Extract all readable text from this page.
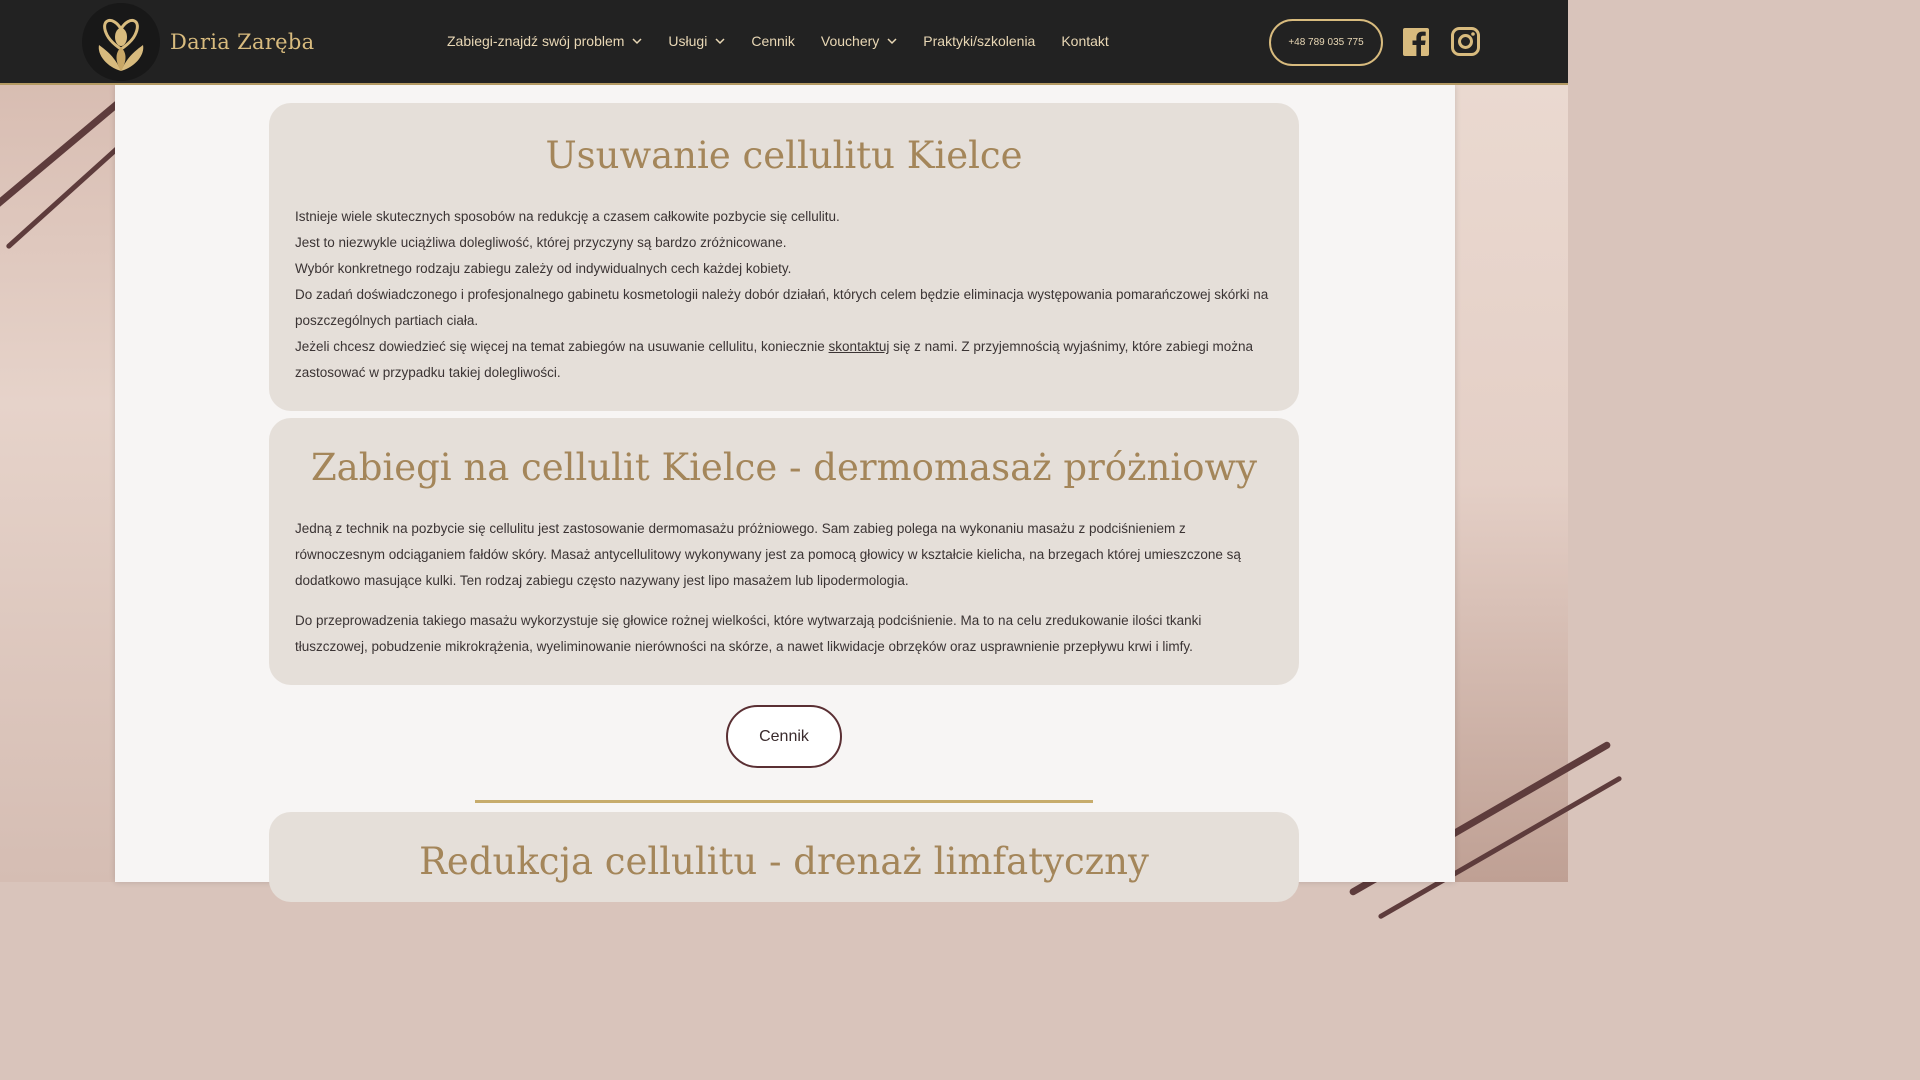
Daria Zaręba	Zabiegi-znajdź swój problem	Usługi	Cennik Vouchery	Praktyki/szkolenia Kontakt	+48 789 035 775
Usuwanie cellulitu Kielce

Istnieje wiele skutecznych sposobów na redukcję a czasem całkowite pozbycie się cellulitu.

Jest to niezwykle uciążliwa dolegliwość, której przyczyny są bardzo zróżnicowane.

Wybór konkretnego rodzaju zabiegu zależy od indywidualnych cech każdej kobiety.

Do zadań doświadczonego i profesjonalnego gabinetu kosmetologii należy dobór działań, których celem będzie eliminacja występowania pomarańczowej skórki na poszczególnych partiach ciała.

Jeżeli chcesz dowiedzieć się więcej na temat zabiegów na usuwanie cellulitu, koniecznie skontaktuj się z nami. Z przyjemnością wyjaśnimy, które zabiegi można zastosować w przypadku takiej dolegliwości.

Zabiegi na cellulit Kielce - dermomasaż próżniowy

Jedną z technik na pozbycie się cellulitu jest zastosowanie dermomasażu próżniowego. Sam zabieg polega na wykonaniu masażu z podciśnieniem z równoczesnym odciąganiem fałdów skóry. Masaż antycellulitowy wykonywany jest za pomocą głowicy w kształcie kielicha, na brzegach której umieszczone są dodatkowo masujące kulki. Ten rodzaj zabiegu często nazywany jest lipo masażem lub lipodermologia.

Do przeprowadzenia takiego masażu wykorzystuje się głowice rożnej wielkości, które wytwarzają podciśnienie. Ma to na celu zredukowanie ilości tkanki tłuszczowej, pobudzenie mikrokrążenia, wyeliminowanie nierówności na skórze, a nawet likwidacje obrzęków oraz usprawnienie przepływu krwi i limfy.

Cennik
Redukcja cellulitu - drenaż limfatyczny
